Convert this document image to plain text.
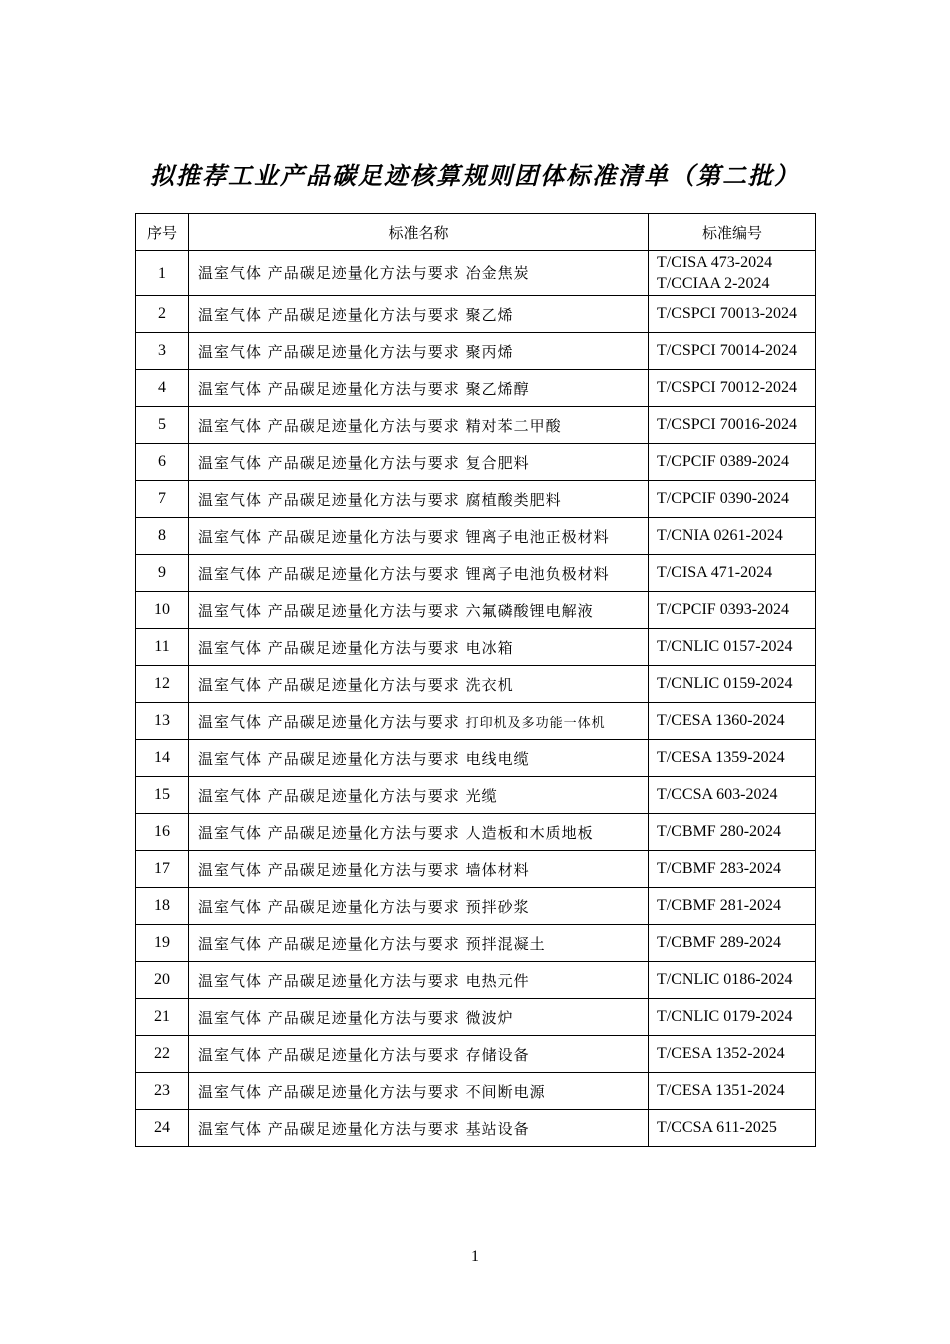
拟推荐工业产品碳足迹核算规则团体标准清单（第二批）
序号	标准名称	标准编号
1	温室气体 产品碳足迹量化方法与要求 冶金焦炭	T/CISA 473-2024
T/CCIAA 2-2024

2	温室气体 产品碳足迹量化方法与要求 聚乙烯	T/CSPCI 70013-2024
3	温室气体 产品碳足迹量化方法与要求 聚丙烯	T/CSPCI 70014-2024
4	温室气体 产品碳足迹量化方法与要求 聚乙烯醇	T/CSPCI 70012-2024
5	温室气体 产品碳足迹量化方法与要求 精对苯二甲酸	T/CSPCI 70016-2024
6	温室气体 产品碳足迹量化方法与要求 复合肥料	T/CPCIF 0389-2024
7	温室气体 产品碳足迹量化方法与要求 腐植酸类肥料	T/CPCIF 0390-2024
8	温室气体 产品碳足迹量化方法与要求 锂离子电池正极材料	T/CNIA 0261-2024
9	温室气体 产品碳足迹量化方法与要求 锂离子电池负极材料	T/CISA 471-2024
10	温室气体 产品碳足迹量化方法与要求 六氟磷酸锂电解液	T/CPCIF 0393-2024
11	温室气体 产品碳足迹量化方法与要求 电冰箱	T/CNLIC 0157-2024
12	温室气体 产品碳足迹量化方法与要求 洗衣机	T/CNLIC 0159-2024
13	温室气体 产品碳足迹量化方法与要求 打印机及多功能一体机	T/CESA 1360-2024
14	温室气体 产品碳足迹量化方法与要求 电线电缆	T/CESA 1359-2024
15	温室气体 产品碳足迹量化方法与要求 光缆	T/CCSA 603-2024
16	温室气体 产品碳足迹量化方法与要求 人造板和木质地板	T/CBMF 280-2024
17	温室气体 产品碳足迹量化方法与要求 墙体材料	T/CBMF 283-2024
18	温室气体 产品碳足迹量化方法与要求 预拌砂浆	T/CBMF 281-2024
19	温室气体 产品碳足迹量化方法与要求 预拌混凝土	T/CBMF 289-2024
20	温室气体 产品碳足迹量化方法与要求 电热元件	T/CNLIC 0186-2024
21	温室气体 产品碳足迹量化方法与要求 微波炉	T/CNLIC 0179-2024
22	温室气体 产品碳足迹量化方法与要求 存储设备	T/CESA 1352-2024
23	温室气体 产品碳足迹量化方法与要求 不间断电源	T/CESA 1351-2024
24	温室气体 产品碳足迹量化方法与要求 基站设备	T/CCSA 611-2025
1
